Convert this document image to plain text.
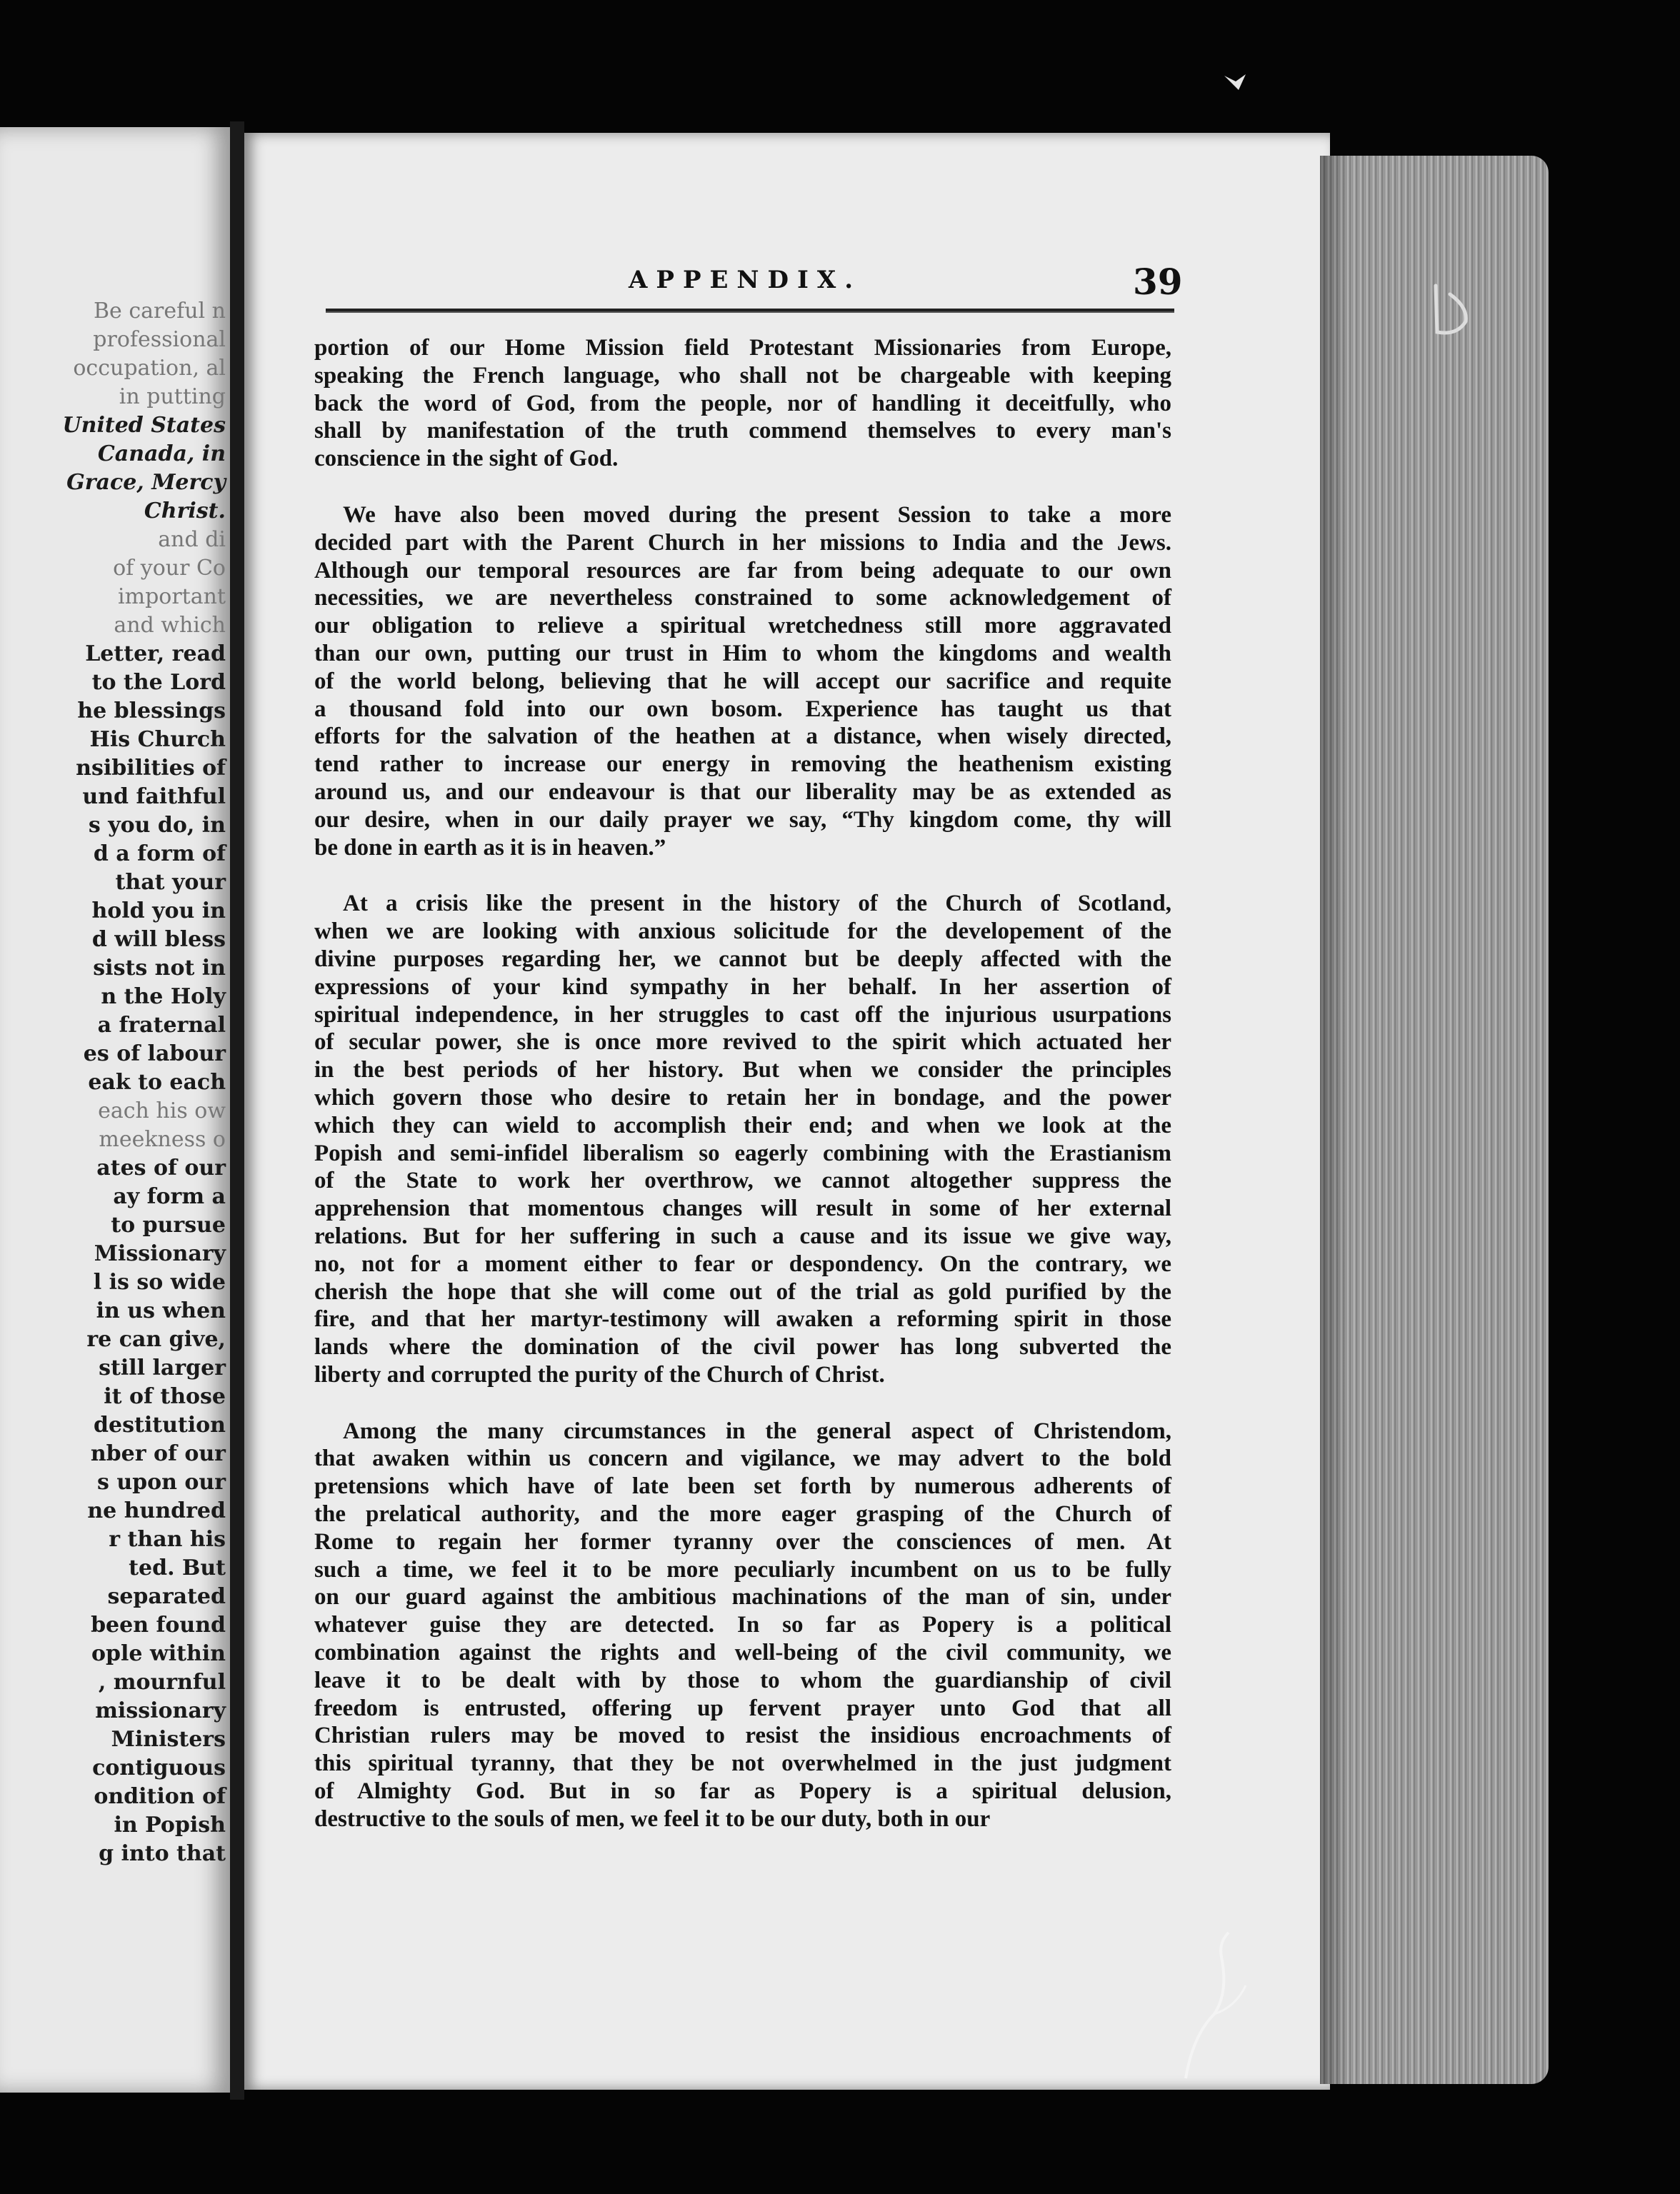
Be careful n
professional
occupation, al
in putting
United States
Canada, in
Grace, Mercy
Christ.
and di
of your Co
important
and which
Letter, read
to the Lord
he blessings
His Church
nsibilities of
und faithful
s you do, in
d a form of
that your
hold you in
d will bless
sists not in
n the Holy
a fraternal
es of labour
eak to each
each his ow
meekness o
ates of our
ay form a
to pursue
Missionary
l is so wide
in us when
re can give,
still larger
it of those
destitution
nber of our
s upon our
ne hundred
r than his
ted. But
separated
been found
ople within
, mournful
missionary
Ministers
contiguous
ondition of
in Popish
g into that
APPENDIX.	39

portion of our Home Mission field Protestant Missionaries from Europe,
speaking the French language, who shall not be chargeable with keeping
back the word of God, from the people, nor of handling it deceitfully, who
shall by manifestation of the truth commend themselves to every man's
conscience in the sight of God.

We have also been moved during the present Session to take a more
decided part with the Parent Church in her missions to India and the Jews.
Although our temporal resources are far from being adequate to our own
necessities, we are nevertheless constrained to some acknowledgement of
our obligation to relieve a spiritual wretchedness still more aggravated
than our own, putting our trust in Him to whom the kingdoms and wealth
of the world belong, believing that he will accept our sacrifice and requite
a thousand fold into our own bosom. Experience has taught us that
efforts for the salvation of the heathen at a distance, when wisely directed,
tend rather to increase our energy in removing the heathenism existing
around us, and our endeavour is that our liberality may be as extended as
our desire, when in our daily prayer we say, “Thy kingdom come, thy will
be done in earth as it is in heaven.”

At a crisis like the present in the history of the Church of Scotland,
when we are looking with anxious solicitude for the developement of the
divine purposes regarding her, we cannot but be deeply affected with the
expressions of your kind sympathy in her behalf. In her assertion of
spiritual independence, in her struggles to cast off the injurious usurpations
of secular power, she is once more revived to the spirit which actuated her
in the best periods of her history. But when we consider the principles
which govern those who desire to retain her in bondage, and the power
which they can wield to accomplish their end; and when we look at the
Popish and semi-infidel liberalism so eagerly combining with the Erastianism
of the State to work her overthrow, we cannot altogether suppress the
apprehension that momentous changes will result in some of her external
relations. But for her suffering in such a cause and its issue we give way,
no, not for a moment either to fear or despondency. On the contrary, we
cherish the hope that she will come out of the trial as gold purified by the
fire, and that her martyr-testimony will awaken a reforming spirit in those
lands where the domination of the civil power has long subverted the
liberty and corrupted the purity of the Church of Christ.

Among the many circumstances in the general aspect of Christendom,
that awaken within us concern and vigilance, we may advert to the bold
pretensions which have of late been set forth by numerous adherents of
the prelatical authority, and the more eager grasping of the Church of
Rome to regain her former tyranny over the consciences of men. At
such a time, we feel it to be more peculiarly incumbent on us to be fully
on our guard against the ambitious machinations of the man of sin, under
whatever guise they are detected. In so far as Popery is a political
combination against the rights and well-being of the civil community, we
leave it to be dealt with by those to whom the guardianship of civil
freedom is entrusted, offering up fervent prayer unto God that all
Christian rulers may be moved to resist the insidious encroachments of
this spiritual tyranny, that they be not overwhelmed in the just judgment
of Almighty God. But in so far as Popery is a spiritual delusion,
destructive to the souls of men, we feel it to be our duty, both in our
